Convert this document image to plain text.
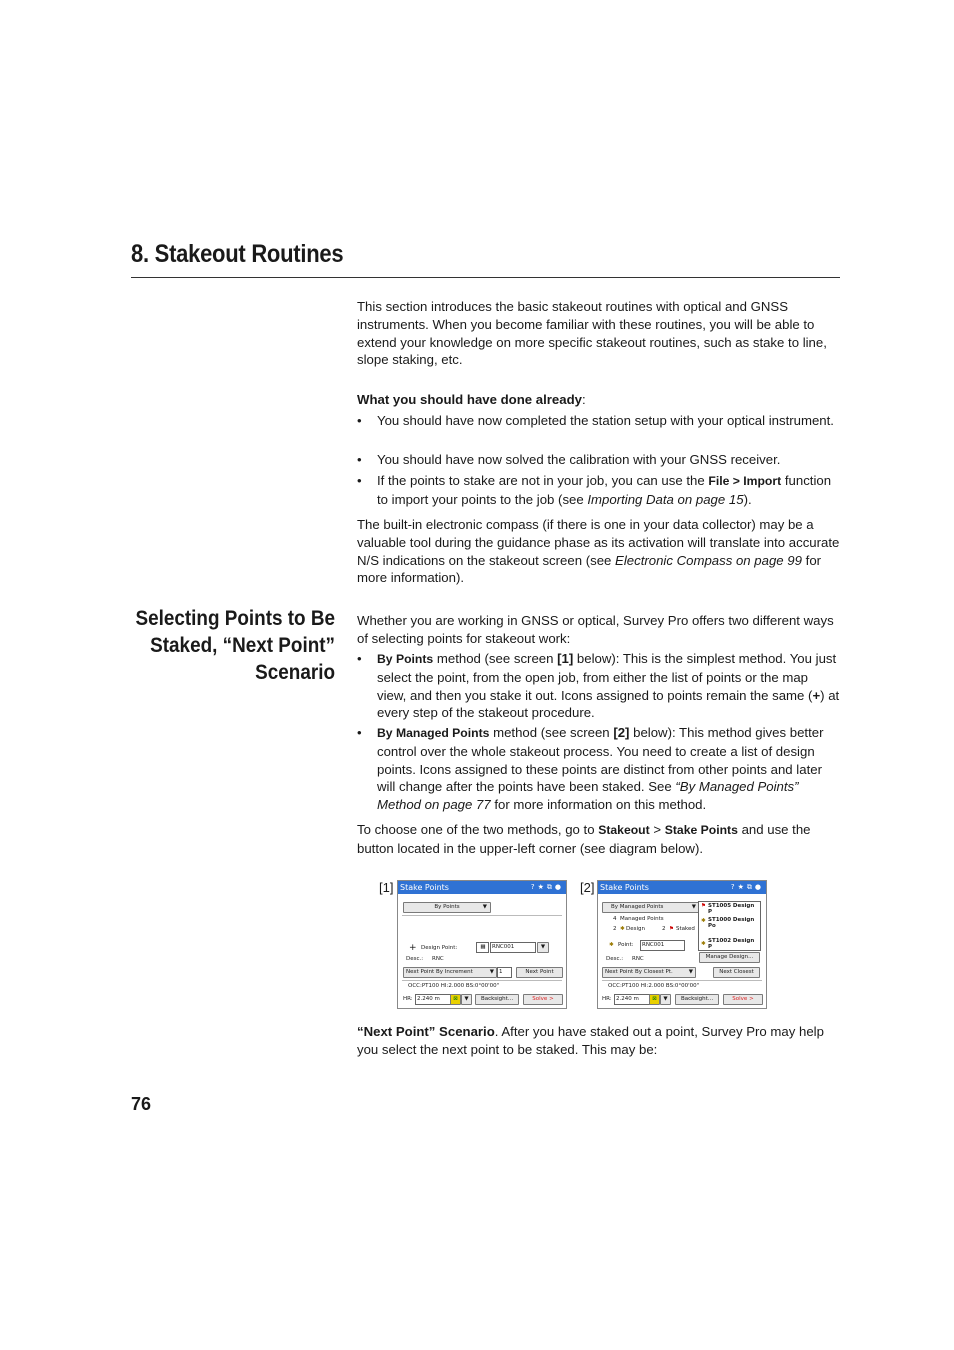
8. Stakeout Routines
This section introduces the basic stakeout routines with optical and GNSS instruments. When you become familiar with these routines, you will be able to extend your knowledge on more specific stakeout routines, such as stake to line, slope staking, etc.
What you should have done already:
• You should have now completed the station setup with your optical instrument.
• You should have now solved the calibration with your GNSS receiver.
• If the points to stake are not in your job, you can use the File > Import function to import your points to the job (see Importing Data on page 15).
The built-in electronic compass (if there is one in your data collector) may be a valuable tool during the guidance phase as its activation will translate into accurate N/S indications on the stakeout screen (see Electronic Compass on page 99 for more information).
Selecting Points to Be
Staked, “Next Point”
Scenario
Whether you are working in GNSS or optical, Survey Pro offers two different ways of selecting points for stakeout work:
• By Points method (see screen [1] below): This is the simplest method. You just select the point, from the open job, from either the list of points or the map view, and then you stake it out. Icons assigned to points remain the same (+) at every step of the stakeout procedure.
• By Managed Points method (see screen [2] below): This method gives better control over the whole stakeout process. You need to create a list of design points. Icons assigned to these points are distinct from other points and later will change after the points have been staked. See “By Managed Points” Method on page 77 for more information on this method.
To choose one of the two methods, go to Stakeout > Stake Points and use the button located in the upper-left corner (see diagram below).
[1] Stake Points	?★⧉●
By Points	▼
+ Design Point:	▦	RNC001	▼
Desc.: RNC
Next Point By Increment	▼ 1	Next Point
OCC:PT100 HI:2.000 BS:0°00'00"
HR: 2.240 m	⊠	▼	Backsight...	Solve >
[2] Stake Points	?★⧉●
By Managed Points	▼
4 Managed Points
2 ✱ Design	2 ⚑ Staked
⚑ ST1005 Design P
✱ ST1000 Design Po
✱ ST1002 Design P
✱ Point:	RNC001
Desc.: RNC	Manage Design...
Next Point By Closest Pt.	▼	Next Closest
OCC:PT100 HI:2.000 BS:0°00'00"
HR: 2.240 m	⊠	▼	Backsight...	Solve >
“Next Point” Scenario. After you have staked out a point, Survey Pro may help you select the next point to be staked. This may be:
76
